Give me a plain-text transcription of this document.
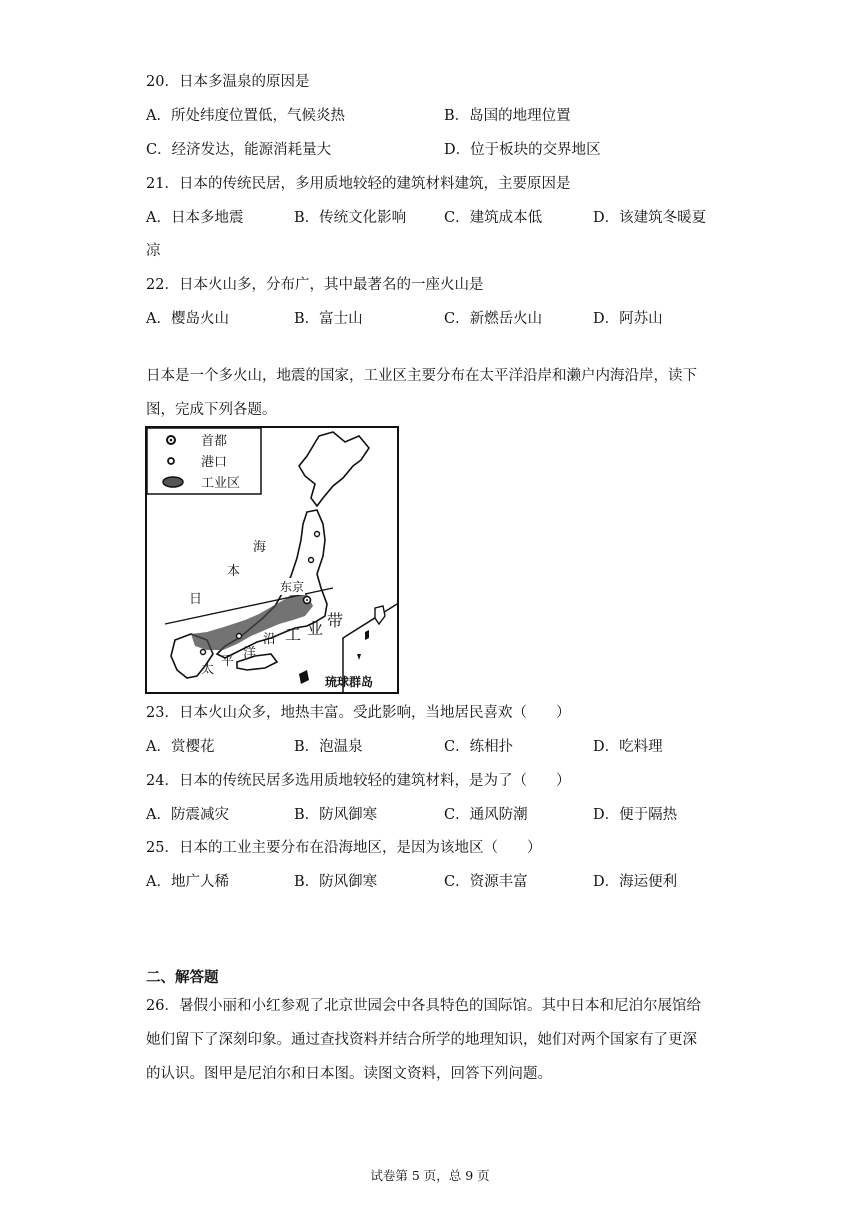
20．日本多温泉的原因是
A．所处纬度位置低，气候炎热	B．岛国的地理位置
C．经济发达，能源消耗量大	D．位于板块的交界地区
21．日本的传统民居，多用质地较轻的建筑材料建筑，主要原因是
A．日本多地震	B．传统文化影响	C．建筑成本低	D．该建筑冬暖夏
凉
22．日本火山多，分布广，其中最著名的一座火山是
A．樱岛火山	B．富士山	C．新燃岳火山	D．阿苏山
日本是一个多火山，地震的国家，工业区主要分布在太平洋沿岸和濑户内海沿岸，读下
图，完成下列各题。
首都
港口
工业区
海
本
日
东京
沿 工 业 带
洋
平
太
琉球群岛
23．日本火山众多，地热丰富。受此影响，当地居民喜欢（　　）
A．赏樱花	B．泡温泉	C．练相扑	D．吃料理
24．日本的传统民居多选用质地较轻的建筑材料，是为了（　　）
A．防震减灾	B．防风御寒	C．通风防潮	D．便于隔热
25．日本的工业主要分布在沿海地区，是因为该地区（　　）
A．地广人稀	B．防风御寒	C．资源丰富	D．海运便利
二、解答题
26．暑假小丽和小红参观了北京世园会中各具特色的国际馆。其中日本和尼泊尔展馆给
她们留下了深刻印象。通过查找资料并结合所学的地理知识，她们对两个国家有了更深
的认识。图甲是尼泊尔和日本图。读图文资料，回答下列问题。
试卷第 5 页，总 9 页
